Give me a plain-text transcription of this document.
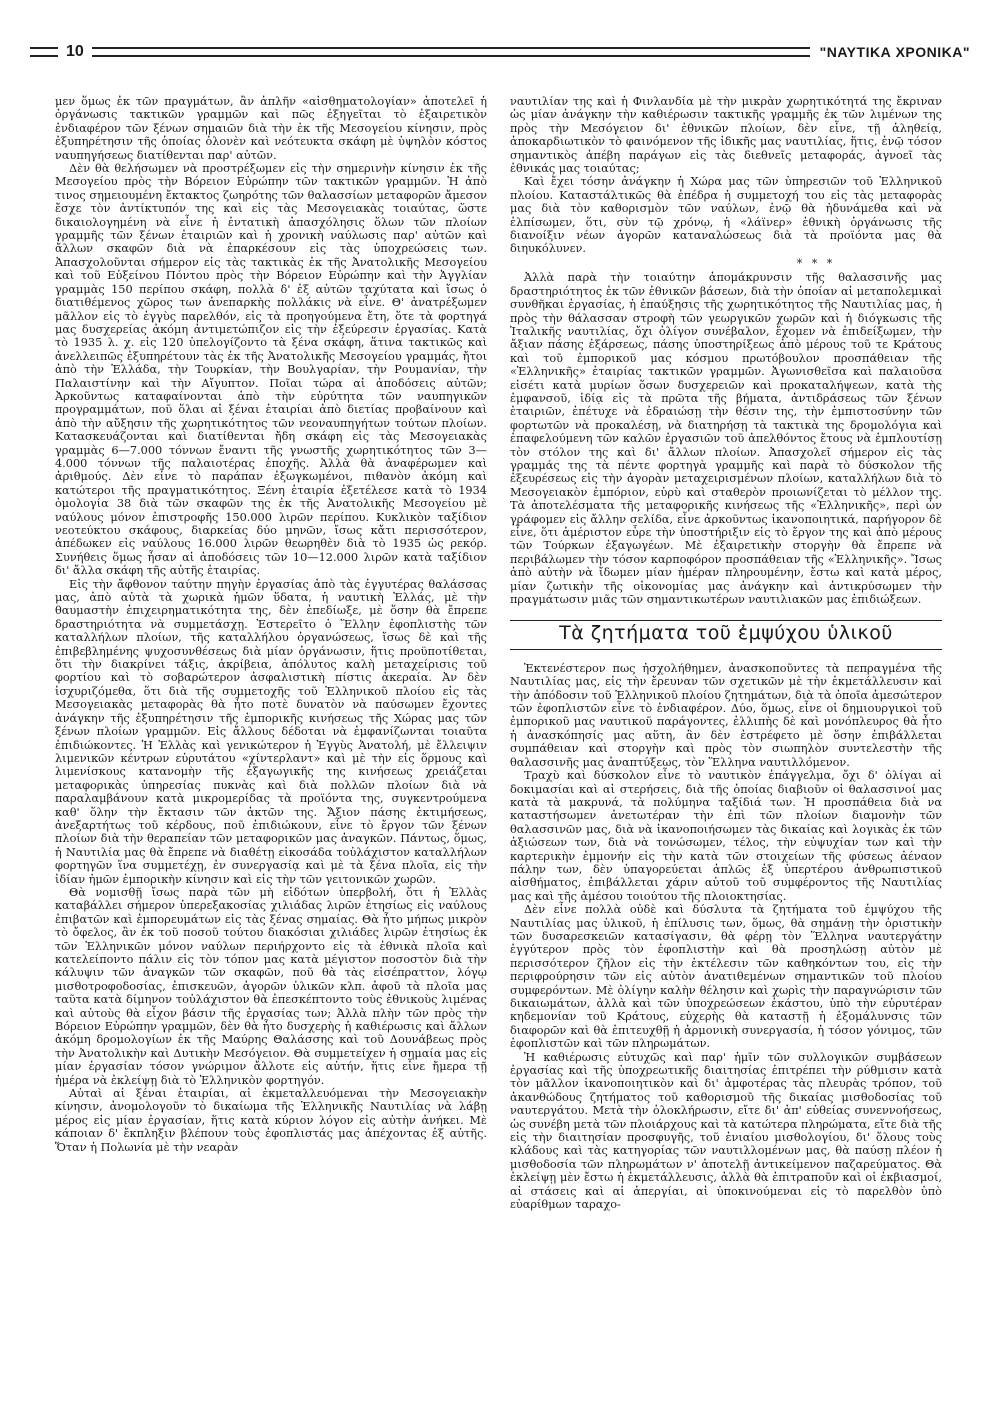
10	"ΝΑΥΤΙΚΑ ΧΡΟΝΙΚΑ"

μεν ὅμως ἐκ τῶν πραγμάτων, ἂν ἁπλῆν «αἰσθηματολογίαν» ἀποτελεῖ ἡ ὀργάνωσις τακτικῶν γραμμῶν καὶ πῶς ἐξηγεῖται τὸ ἐξαιρετικὸν ἐνδιαφέρον τῶν ξένων σημαιῶν διὰ τὴν ἐκ τῆς Μεσογείου κίνησιν, πρὸς ἐξυπηρέτησιν τῆς ὁποίας ὁλονὲν καὶ νεότευκτα σκάφη μὲ ὑψηλὸν κόστος ναυπηγήσεως διατίθενται παρ' αὐτῶν.

Δὲν θὰ θελήσωμεν νὰ προστρέξωμεν εἰς τὴν σημερινὴν κίνησιν ἐκ τῆς Μεσογείου πρὸς τὴν Βόρειον Εὐρώπην τῶν τακτικῶν γραμμῶν. Ἡ ἀπὸ τινος σημειουμένη ἔκτακτος ζωηρότης τῶν θαλασσίων μεταφορῶν ἄμεσον ἔσχε τὸν ἀντίκτυπόν της καὶ εἰς τὰς Μεσογειακὰς τοιαύτας, ὥστε δικαιολογημένη νὰ εἶνε ἡ ἐντατικὴ ἀπασχόλησις ὅλων τῶν πλοίων γραμμῆς τῶν ξένων ἑταιριῶν καὶ ἡ χρονικὴ ναύλωσις παρ' αὐτῶν καὶ ἄλλων σκαφῶν διὰ νὰ ἐπαρκέσουν εἰς τὰς ὑποχρεώσεις των. Ἀπασχολοῦνται σήμερον εἰς τὰς τακτικὰς ἐκ τῆς Ἀνατολικῆς Μεσογείου καὶ τοῦ Εὐξείνου Πόντου πρὸς τὴν Βόρειον Εὐρώπην καὶ τὴν Ἀγγλίαν γραμμὰς 150 περίπου σκάφη, πολλὰ δ' ἐξ αὐτῶν ταχύτατα καὶ ἴσως ὁ διατιθέμενος χῶρος των ἀνεπαρκὴς πολλάκις νὰ εἶνε. Θ' ἀνατρέξωμεν μᾶλλον εἰς τὸ ἐγγὺς παρελθόν, εἰς τὰ προηγούμενα ἔτη, ὅτε τὰ φορτηγά μας δυσχερείας ἀκόμη ἀντιμετώπιζον εἰς τὴν ἐξεύρεσιν ἐργασίας. Κατὰ τὸ 1935 λ. χ. εἰς 120 ὑπελογίζοντο τὰ ξένα σκάφη, ἅτινα τακτικῶς καὶ ἀνελλειπῶς ἐξυπηρέτουν τὰς ἐκ τῆς Ἀνατολικῆς Μεσογείου γραμμάς, ἤτοι ἀπὸ τὴν Ἑλλάδα, τὴν Τουρκίαν, τὴν Βουλγαρίαν, τὴν Ρουμανίαν, τὴν Παλαιστίνην καὶ τὴν Αἴγυπτον. Ποῖαι τώρα αἱ ἀποδόσεις αὐτῶν; Ἀρκοῦντως καταφαίνονται ἀπὸ τὴν εὐρύτητα τῶν ναυπηγικῶν προγραμμάτων, ποῦ ὅλαι αἱ ξέναι ἑταιρίαι ἀπὸ διετίας προβαίνουν καὶ ἀπὸ τὴν αὔξησιν τῆς χωρητικότητος τῶν νεοναυπηγήτων τούτων πλοίων. Κατασκευάζονται καὶ διατίθενται ἤδη σκάφη εἰς τὰς Μεσογειακὰς γραμμὰς 6—7.000 τόννων ἔναντι τῆς γνωστῆς χωρητικότητος τῶν 3—4.000 τόννων τῆς παλαιοτέρας ἐποχῆς. Ἀλλὰ θὰ ἀναφέρωμεν καὶ ἀριθμούς. Δὲν εἶνε τὸ παράπαν ἐξωγκωμένοι, πιθανὸν ἀκόμη καὶ κατώτεροι τῆς πραγματικότητος. Ξένη ἑταιρία ἐξετέλεσε κατὰ τὸ 1934 ὁμολογία 38 διὰ τῶν σκαφῶν της ἐκ τῆς Ἀνατολικῆς Μεσογείου μὲ ναύλους μόνον ἐπιστροφῆς 150.000 λιρῶν περίπου. Κυκλικὸν ταξίδιον νεοτεύκτου σκάφους, διαρκείας δύο μηνῶν, ἴσως κἄτι περισσότερον, ἀπέδωκεν εἰς ναύλους 16.000 λιρῶν θεωρηθὲν διὰ τὸ 1935 ὡς ρεκόρ. Συνήθεις ὅμως ἦσαν αἱ ἀποδόσεις τῶν 10—12.000 λιρῶν κατὰ ταξίδιον δι' ἄλλα σκάφη τῆς αὐτῆς ἑταιρίας.

Εἰς τὴν ἄφθονον ταύτην πηγὴν ἐργασίας ἀπὸ τὰς ἐγγυτέρας θαλάσσας μας, ἀπὸ αὐτὰ τὰ χωρικὰ ἡμῶν ὕδατα, ἡ ναυτικὴ Ἑλλάς, μὲ τὴν θαυμαστὴν ἐπιχειρηματικότητα της, δὲν ἐπεδίωξε, μὲ ὅσην θὰ ἔπρεπε δραστηριότητα νὰ συμμετάσχῃ. Ἐστερεῖτο ὁ Ἕλλην ἐφοπλιστὴς τῶν καταλλήλων πλοίων, τῆς καταλλήλου ὀργανώσεως, ἴσως δὲ καὶ τῆς ἐπιβεβλημένης ψυχοσυνθέσεως διὰ μίαν ὀργάνωσιν, ἥτις προϋποτίθεται, ὅτι τὴν διακρίνει τάξις, ἀκρίβεια, ἀπόλυτος καλὴ μεταχείρισις τοῦ φορτίου καὶ τὸ σοβαρώτερον ἀσφαλιστικὴ πίστις ἀκεραία. Ἀν δὲν ἰσχυριζόμεθα, ὅτι διὰ τῆς συμμετοχῆς τοῦ Ἑλληνικοῦ πλοίου εἰς τὰς Μεσογειακὰς μεταφορὰς θὰ ἦτο ποτὲ δυνατὸν νὰ παύσωμεν ἔχοντες ἀνάγκην τῆς ἐξυπηρέτησιν τῆς ἐμπορικῆς κινήσεως τῆς Χώρας μας τῶν ξένων πλοίων γραμμῶν. Εἰς ἄλλους δέδοται νὰ ἐμφανίζωνται τοιαῦτα ἐπιδιώκοντες. Ἡ Ἑλλὰς καὶ γενικώτερον ἡ Ἐγγὺς Ἀνατολή, μὲ ἔλλειψιν λιμενικῶν κέντρων εὐρυτάτου «χίντερλαντ» καὶ μὲ τὴν εἰς ὅρμους καὶ λιμενίσκους κατανομὴν τῆς ἐξαγωγικῆς της κινήσεως χρειάζεται μεταφορικὰς ὑπηρεσίας πυκνὰς καὶ διὰ πολλῶν πλοίων διὰ νὰ παραλαμβάνουν κατὰ μικρομερίδας τὰ προϊόντα της, συγκεντρούμενα καθ' ὅλην τὴν ἔκτασιν τῶν ἀκτῶν της. Ἄξιον πάσης ἐκτιμήσεως, ἀνεξαρτήτως τοῦ κέρδους, ποῦ ἐπιδιώκουν, εἶνε τὸ ἔργον τῶν ξένων πλοίων διὰ τὴν θεραπείαν τῶν μεταφορικῶν μας ἀναγκῶν. Πάντως, ὅμως, ἡ Ναυτιλία μας θὰ ἔπρεπε νὰ διαθέτῃ εἰκοσάδα τοὐλάχιστον καταλλήλων φορτηγῶν ἵνα συμμετέχῃ, ἐν συνεργασίᾳ καὶ μὲ τὰ ξένα πλοῖα, εἰς τὴν ἰδίαν ἡμῶν ἐμπορικὴν κίνησιν καὶ εἰς τὴν τῶν γειτονικῶν χωρῶν.

Θὰ νομισθῇ ἴσως παρὰ τῶν μὴ εἰδότων ὑπερβολή, ὅτι ἡ Ἑλλὰς καταβάλλει σήμερον ὑπερεξακοσίας χιλιάδας λιρῶν ἐτησίως εἰς ναύλους ἐπιβατῶν καὶ ἐμπορευμάτων εἰς τὰς ξένας σημαίας. Θὰ ἦτο μήπως μικρὸν τὸ ὄφελος, ἂν ἐκ τοῦ ποσοῦ τούτου διακόσιαι χιλιάδες λιρῶν ἐτησίως ἐκ τῶν Ἑλληνικῶν μόνον ναύλων περιήρχοντο εἰς τὰ ἐθνικὰ πλοῖα καὶ κατελείποντο πάλιν εἰς τὸν τόπον μας κατὰ μέγιστον ποσοστὸν διὰ τὴν κάλυψιν τῶν ἀναγκῶν τῶν σκαφῶν, ποῦ θὰ τὰς εἰσέπραττον, λόγῳ μισθοτροφοδοσίας, ἐπισκευῶν, ἀγορῶν ὑλικῶν κλπ. ἀφοῦ τὰ πλοῖα μας ταῦτα κατὰ δίμηνον τοὐλάχιστον θὰ ἐπεσκέπτοντο τοὺς ἐθνικοὺς λιμένας καὶ αὐτοὺς θὰ εἶχον βάσιν τῆς ἐργασίας των; Ἀλλὰ πλὴν τῶν πρὸς τὴν Βόρειον Εὐρώπην γραμμῶν, δὲν θὰ ἦτο δυσχερὴς ἡ καθιέρωσις καὶ ἄλλων ἀκόμη δρομολογίων ἐκ τῆς Μαύρης Θαλάσσης καὶ τοῦ Δουνάβεως πρὸς τὴν Ἀνατολικὴν καὶ Δυτικὴν Μεσόγειον. Θὰ συμμετείχεν ἡ σημαία μας εἰς μίαν ἐργασίαν τόσον γνώριμον ἄλλοτε εἰς αὐτήν, ἥτις εἶνε ἤμερα τῇ ἡμέρα νὰ ἐκλείψῃ διὰ τὸ Ἑλληνικὸν φορτηγόν.

Αὐταὶ αἱ ξέναι ἑταιρίαι, αἱ ἐκμεταλλευόμεναι τὴν Μεσογειακὴν κίνησιν, ἀνομολογοῦν τὸ δικαίωμα τῆς Ἑλληνικῆς Ναυτιλίας νὰ λάβῃ μέρος εἰς μίαν ἐργασίαν, ἥτις κατὰ κύριον λόγον εἰς αὐτὴν ἀνήκει. Μὲ κάποιαν δ' ἔκπληξιν βλέπουν τοὺς ἐφοπλιστάς μας ἀπέχοντας ἐξ αὐτῆς. Ὅταν ἡ Πολωνία μὲ τὴν νεαρὰν

ναυτιλίαν της καὶ ἡ Φινλανδία μὲ τὴν μικρὰν χωρητικότητά της ἔκριναν ὡς μίαν ἀνάγκην τὴν καθιέρωσιν τακτικῆς γραμμῆς ἐκ τῶν λιμένων της πρὸς τὴν Μεσόγειον δι' ἐθνικῶν πλοίων, δὲν εἶνε, τῇ ἀληθείᾳ, ἀποκαρδιωτικὸν τὸ φαινόμενον τῆς ἰδικῆς μας ναυτιλίας, ἥτις, ἐνῷ τόσον σημαντικὸς ἀπέβη παράγων εἰς τὰς διεθνεῖς μεταφοράς, ἀγνοεῖ τὰς ἐθνικάς μας τοιαύτας;

Καὶ ἔχει τόσην ἀνάγκην ἡ Χώρα μας τῶν ὑπηρεσιῶν τοῦ Ἑλληνικοῦ πλοίου. Καταστάλτικῶς θὰ ἐπέδρα ἡ συμμετοχή του εἰς τὰς μεταφορὰς μας διὰ τὸν καθορισμὸν τῶν ναύλων, ἐνῷ θὰ ἠδυνάμεθα καὶ νὰ ἐλπίσωμεν, ὅτι, σὺν τῷ χρόνῳ, ἡ «λάϊνερ» ἐθνικὴ ὀργάνωσις τῆς διανοίξιν νέων ἀγορῶν καταναλώσεως διὰ τὰ προϊόντα μας θὰ διηυκόλυνεν.

* * *

Ἀλλὰ παρὰ τὴν τοιαύτην ἀπομάκρυνσιν τῆς θαλασσινῆς μας δραστηριότητος ἐκ τῶν ἐθνικῶν βάσεων, διὰ τὴν ὁποίαν αἱ μεταπολεμικαὶ συνθῆκαι ἐργασίας, ἡ ἐπαύξησις τῆς χωρητικότητος τῆς Ναυτιλίας μας, ἡ πρὸς τὴν θάλασσαν στροφὴ τῶν γεωργικῶν χωρῶν καὶ ἡ διόγκωσις τῆς Ἰταλικῆς ναυτιλίας, ὄχι ὀλίγον συνέβαλον, ἔχομεν νὰ ἐπιδείξωμεν, τὴν ἄξιαν πάσης ἐξάρσεως, πάσης ὑποστηρίξεως ἀπὸ μέρους τοῦ τε Κράτους καὶ τοῦ ἐμπορικοῦ μας κόσμου πρωτόβουλον προσπάθειαν τῆς «Ἑλληνικῆς» ἑταιρίας τακτικῶν γραμμῶν. Ἀγωνισθεῖσα καὶ παλαιοῦσα εἰσέτι κατὰ μυρίων ὅσων δυσχερειῶν καὶ προκαταλήψεων, κατὰ τὴς ἐμφανσοῦ, ἰδίᾳ εἰς τὰ πρῶτα τῆς βήματα, ἀντιδράσεως τῶν ξένων ἑταιριῶν, ἐπέτυχε νὰ ἑδραιώσῃ τὴν θέσιν της, τὴν ἐμπιστοσύνην τῶν φορτωτῶν νὰ προκαλέσῃ, νὰ διατηρήσῃ τὰ τακτικὰ της δρομολόγια καὶ ἐπαφελούμενη τῶν καλῶν ἐργασιῶν τοῦ ἀπελθόντος ἔτους νὰ ἐμπλουτίσῃ τὸν στόλον της καὶ δι' ἄλλων πλοίων. Ἀπασχολεῖ σήμερον εἰς τὰς γραμμάς της τὰ πέντε φορτηγὰ γραμμῆς καὶ παρὰ τὸ δύσκολον τῆς ἐξευρέσεως εἰς τὴν ἀγορὰν μεταχειρισμένων πλοίων, καταλλήλων διὰ τὸ Μεσογειακὸν ἐμπόριον, εὐρὺ καὶ σταθερὸν προιωνίζεται τὸ μέλλον της. Τὰ ἀποτελέσματα τῆς μεταφορικῆς κινήσεως τῆς «Ἑλληνικῆς», περὶ ὧν γράφομεν εἰς ἄλλην σελίδα, εἶνε ἀρκοῦντως ἱκανοποιητικά, παρήγορον δὲ εἶνε, ὅτι ἀμέριστον εὗρε τὴν ὑποστήριξιν εἰς τὸ ἔργον της καὶ ἀπὸ μέρους τῶν Τούρκων ἐξαγωγέων. Μὲ ἐξαιρετικὴν στοργὴν θὰ ἔπρεπε νὰ περιβάλωμεν τὴν τόσον καρποφόρον προσπάθειαν τῆς «Ἑλληνικῆς». Ἴσως ἀπὸ αὐτὴν νὰ ἴδωμεν μίαν ἡμέραν πληρουμένην, ἔστω καὶ κατὰ μέρος, μίαν ζωτικὴν τῆς οἰκονομίας μας ἀνάγκην καὶ ἀντικρύσωμεν τὴν πραγμάτωσιν μιᾶς τῶν σημαντικωτέρων ναυτιλιακῶν μας ἐπιδιώξεων.

Τὰ ζητήματα τοῦ ἐμψύχου ὑλικοῦ

Ἐκτενέστερον πως ἠσχολήθημεν, ἀνασκοποῦντες τὰ πεπραγμένα τῆς Ναυτιλίας μας, εἰς τὴν ἔρευναν τῶν σχετικῶν μὲ τὴν ἐκμετάλλευσιν καὶ τὴν ἀπόδοσιν τοῦ Ἑλληνικοῦ πλοίου ζητημάτων, διὰ τὰ ὁποῖα ἀμεσώτερον τῶν ἐφοπλιστῶν εἶνε τὸ ἐνδιαφέρον. Δύο, ὅμως, εἶνε οἱ δημιουργικοὶ τοῦ ἐμπορικοῦ μας ναυτικοῦ παράγοντες, ἐλλιπὴς δὲ καὶ μονόπλευρος θὰ ἦτο ἡ ἀνασκόπησίς μας αὕτη, ἂν δὲν ἐστρέφετο μὲ ὅσην ἐπιβάλλεται συμπάθειαν καὶ στοργὴν καὶ πρὸς τὸν σιωπηλὸν συντελεστὴν τῆς θαλασσινῆς μας ἀναπτύξεως, τὸν Ἕλληνα ναυτιλλόμενον.

Τραχὺ καὶ δύσκολον εἶνε τὸ ναυτικὸν ἐπάγγελμα, ὄχι δ' ὀλίγαι αἱ δοκιμασίαι καὶ αἱ στερήσεις, διὰ τῆς ὁποίας διαβιοῦν οἱ θαλασσινοί μας κατὰ τὰ μακρυνά, τὰ πολύμηνα ταξίδιά των. Ἡ προσπάθεια διὰ να καταστήσωμεν ἀνετωτέραν τὴν ἐπὶ τῶν πλοίων διαμονὴν τῶν θαλασσινῶν μας, διὰ νὰ ἱκανοποιήσωμεν τὰς δικαίας καὶ λογικὰς ἐκ τῶν ἀξιώσεων των, διὰ νὰ τονώσωμεν, τέλος, τὴν εὐψυχίαν των καὶ τὴν καρτερικὴν ἐμμονήν εἰς τὴν κατὰ τῶν στοιχείων τῆς φύσεως ἀέναον πάλην των, δὲν ὑπαγορεύεται ἁπλῶς ἐξ ὑπερτέρου ἀνθρωπιστικοῦ αἰσθήματος, ἐπιβάλλεται χάριν αὐτοῦ τοῦ συμφέροντος τῆς Ναυτιλίας μας καὶ τῆς ἀμέσου τοιούτου τῆς πλοιοκτησίας.

Δὲν εἶνε πολλὰ οὐδὲ καὶ δύσλυτα τὰ ζητήματα τοῦ ἐμψύχου τῆς Ναυτιλίας μας ὑλικοῦ, ἡ ἐπίλυσις των, ὅμως, θὰ σημάνῃ τὴν ὁριστικὴν τῶν δυσαρεσκειῶν κατασίγασιν, θὰ φέρῃ τὸν Ἕλληνα ναυτεργάτην ἐγγύτερον πρὸς τὸν ἐφοπλιστὴν καὶ θὰ προσηλώσῃ αὐτὸν μὲ περισσότερον ζῆλον εἰς τὴν ἐκτέλεσιν τῶν καθηκόντων του, εἰς τὴν περιφρούρησιν τῶν εἰς αὐτὸν ἀνατιθεμένων σημαντικῶν τοῦ πλοίου συμφερόντων. Μὲ ὀλίγην καλὴν θέλησιν καὶ χωρὶς τὴν παραγνώρισιν τῶν δικαιωμάτων, ἀλλὰ καὶ τῶν ὑποχρεώσεων ἑκάστου, ὑπὸ τὴν εὐρυτέραν κηδεμονίαν τοῦ Κράτους, εὐχερὴς θὰ καταστῇ ἡ ἐξομάλυνσις τῶν διαφορῶν καὶ θὰ ἐπιτευχθῇ ἡ ἁρμονικὴ συνεργασία, ἡ τόσον γόνιμος, τῶν ἐφοπλιστῶν καὶ τῶν πληρωμάτων.

Ἡ καθιέρωσις εὐτυχῶς καὶ παρ' ἡμῖν τῶν συλλογικῶν συμβάσεων ἐργασίας καὶ τῆς ὑποχρεωτικῆς διαιτησίας ἐπιτρέπει τὴν ρύθμισιν κατὰ τὸν μᾶλλον ἱκανοποιητικὸν καὶ δι' ἀμφοτέρας τὰς πλευρὰς τρόπον, τοῦ ἀκανθώδους ζητήματος τοῦ καθορισμοῦ τῆς δικαίας μισθοδοσίας τοῦ ναυτεργάτου. Μετὰ τὴν ὁλοκλήρωσιν, εἴτε δι' ἀπ' εὐθείας συνεννοήσεως, ὡς συνέβη μετὰ τῶν πλοιάρχους καὶ τὰ κατώτερα πληρώματα, εἴτε διὰ τῆς εἰς τὴν διαιτησίαν προσφυγῆς, τοῦ ἑνιαίου μισθολογίου, δι' ὅλους τοὺς κλάδους καὶ τὰς κατηγορίας τῶν ναυτιλλομένων μας, θὰ παύσῃ πλέον ἡ μισθοδοσία τῶν πληρωμάτων ν' ἀποτελῇ ἀντικείμενον παζαρεύματος. Θὰ ἐκλείψῃ μὲν ἔστω ἡ ἐκμετάλλευσις, ἀλλὰ θὰ ἐπιτραποῦν καὶ οἱ ἐκβιασμοί, αἱ στάσεις καὶ αἱ ἀπεργίαι, αἱ ὑποκινούμεναι εἰς τὸ παρελθὸν ὑπὸ εὐαρίθμων ταραχο-
